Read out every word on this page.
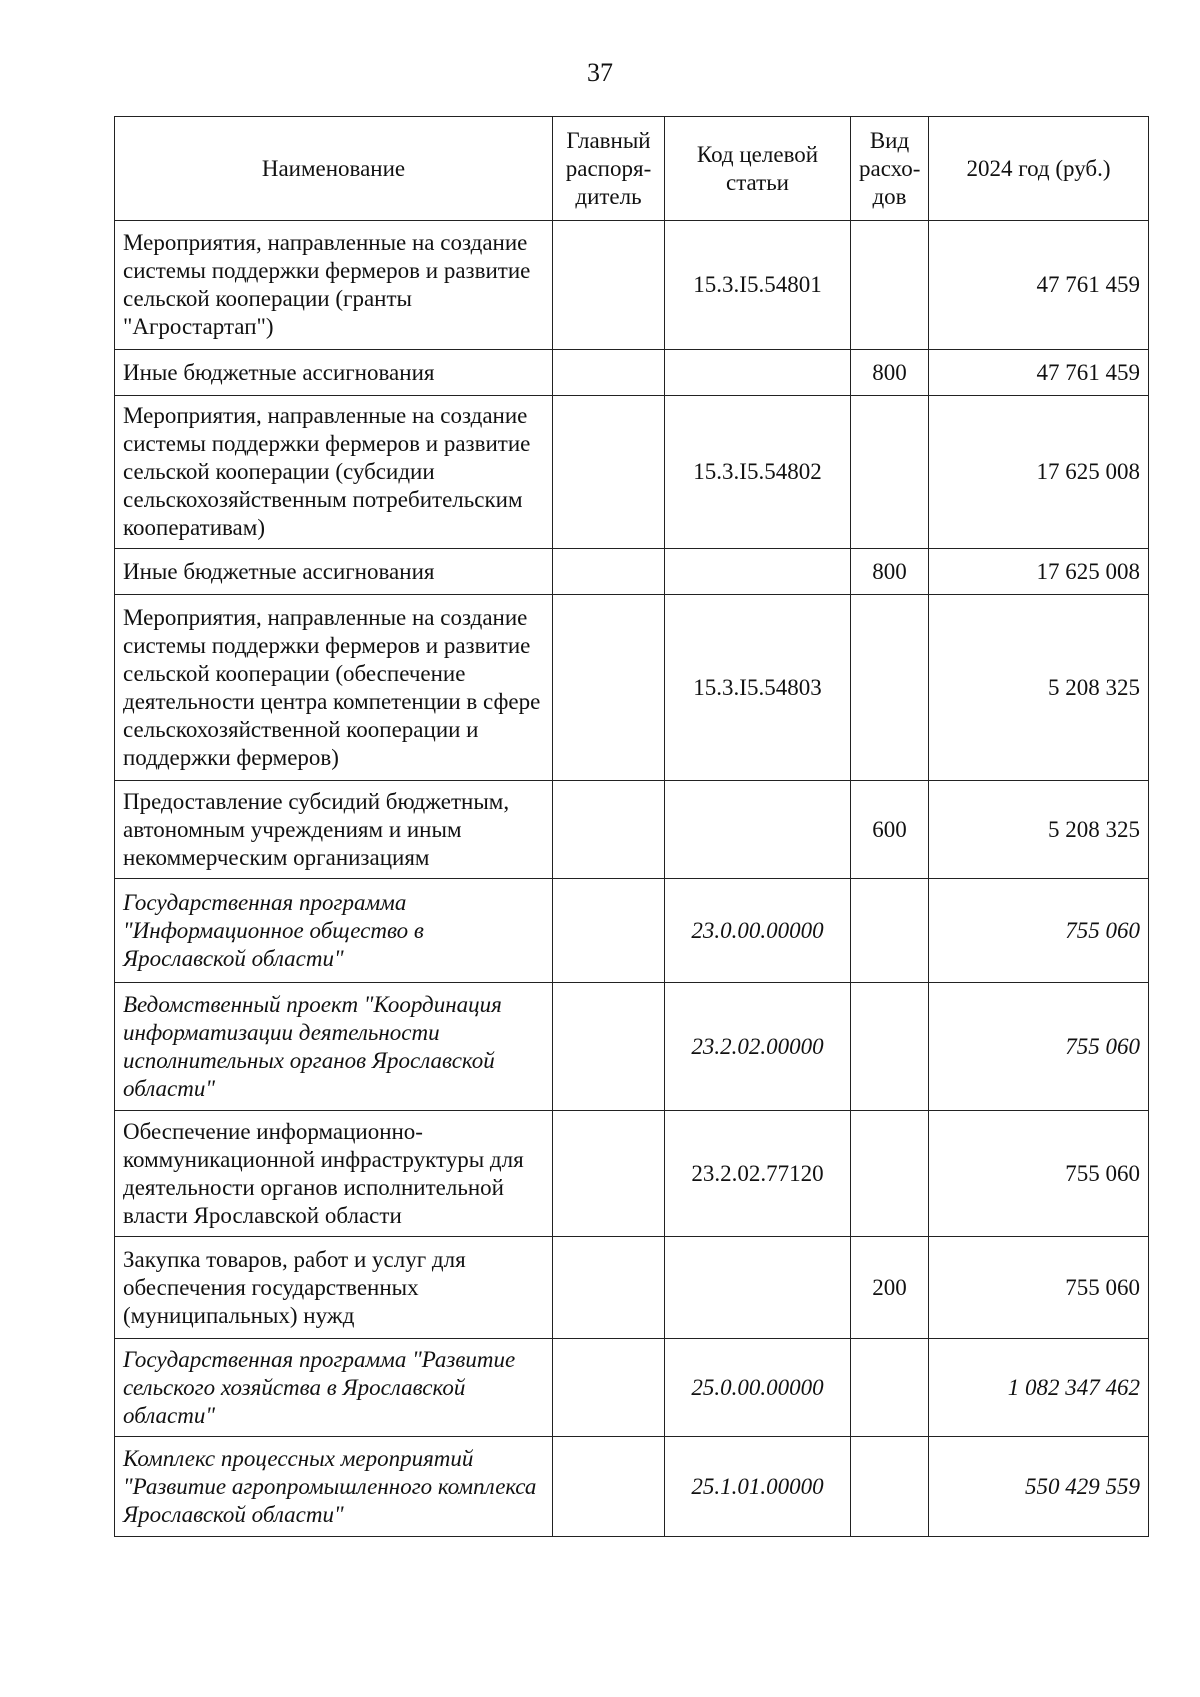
37
Наименование	Главный распоря-дитель	Код целевой статьи	Вид расхо-дов	2024 год (руб.)
Мероприятия, направленные на создание системы поддержки фермеров и развитие сельской кооперации (гранты "Агростартап")		15.3.I5.54801		47 761 459
Иные бюджетные ассигнования			800	47 761 459
Мероприятия, направленные на создание системы поддержки фермеров и развитие сельской кооперации (субсидии сельскохозяйственным потребительским кооперативам)		15.3.I5.54802		17 625 008
Иные бюджетные ассигнования			800	17 625 008
Мероприятия, направленные на создание системы поддержки фермеров и развитие сельской кооперации (обеспечение деятельности центра компетенции в сфере сельскохозяйственной кооперации и поддержки фермеров)		15.3.I5.54803		5 208 325
Предоставление субсидий бюджетным, автономным учреждениям и иным некоммерческим организациям			600	5 208 325
Государственная программа "Информационное общество в Ярославской области"		23.0.00.00000		755 060
Ведомственный проект "Координация информатизации деятельности исполнительных органов Ярославской области"		23.2.02.00000		755 060
Обеспечение информационно-коммуникационной инфраструктуры для деятельности органов исполнительной власти Ярославской области		23.2.02.77120		755 060
Закупка товаров, работ и услуг для обеспечения государственных (муниципальных) нужд			200	755 060
Государственная программа "Развитие сельского хозяйства в Ярославской области"		25.0.00.00000		1 082 347 462
Комплекс процессных мероприятий "Развитие агропромышленного комплекса Ярославской области"		25.1.01.00000		550 429 559
